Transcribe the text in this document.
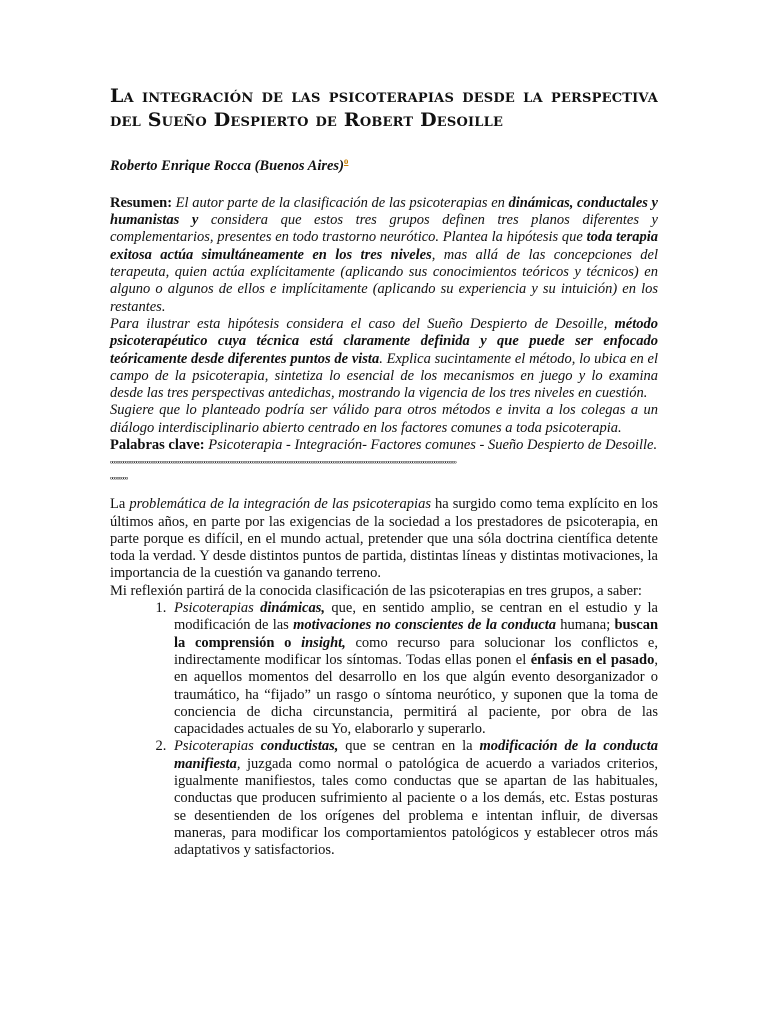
La integración de las psicoterapias desde la perspectiva del Sueño Despierto de Robert Desoille
Roberto Enrique Rocca (Buenos Aires)$^o$

Resumen: El autor parte de la clasificación de las psicoterapias en dinámicas, conductales y humanistas y considera que estos tres grupos definen tres planos diferentes y complementarios, presentes en todo trastorno neurótico. Plantea la hipótesis que toda terapia exitosa actúa simultáneamente en los tres niveles, mas allá de las concepciones del terapeuta, quien actúa explícitamente (aplicando sus conocimientos teóricos y técnicos) en alguno o algunos de ellos e implícitamente (aplicando su experiencia y su intuición) en los restantes.

Para ilustrar esta hipótesis considera el caso del Sueño Despierto de Desoille, método psicoterapéutico cuya técnica está claramente definida y que puede ser enfocado teóricamente desde diferentes puntos de vista. Explica sucintamente el método, lo ubica en el campo de la psicoterapia, sintetiza lo esencial de los mecanismos en juego y lo examina desde las tres perspectivas antedichas, mostrando la vigencia de los tres niveles en cuestión.

Sugiere que lo planteado podría ser válido para otros métodos e invita a los colegas a un diálogo interdisciplinario abierto centrado en los factores comunes a toda psicoterapia.

Palabras clave: Psicoterapia - Integración- Factores comunes - Sueño Despierto de Desoille.

ºººººººººººººººººººººººººººººººººººººººººººººººººººººººººººººººººººººººººººººººººººººººººººººººººººººººººººººººººººººººººººººººººººººººººººººººººººººººººººººº
ºººººººº

La problemática de la integración de las psicoterapias ha surgido como tema explícito en los últimos años, en parte por las exigencias de la sociedad a los prestadores de psicoterapia, en parte porque es difícil, en el mundo actual, pretender que una sóla doctrina científica detente toda la verdad. Y desde distintos puntos de partida, distintas líneas y distintas motivaciones, la importancia de la cuestión va ganando terreno.

Mi reflexión partirá de la conocida clasificación de las psicoterapias en tres grupos, a saber:

1. Psicoterapias dinámicas, que, en sentido amplio, se centran en el estudio y la modificación de las motivaciones no conscientes de la conducta humana; buscan la comprensión o insight, como recurso para solucionar los conflictos e, indirectamente modificar los síntomas. Todas ellas ponen el énfasis en el pasado, en aquellos momentos del desarrollo en los que algún evento desorganizador o traumático, ha “fijado” un rasgo o síntoma neurótico, y suponen que la toma de conciencia de dicha circunstancia, permitirá al paciente, por obra de las capacidades actuales de su Yo, elaborarlo y superarlo.
2. Psicoterapias conductistas, que se centran en la modificación de la conducta manifiesta, juzgada como normal o patológica de acuerdo a variados criterios, igualmente manifiestos, tales como conductas que se apartan de las habituales, conductas que producen sufrimiento al paciente o a los demás, etc. Estas posturas se desentienden de los orígenes del problema e intentan influir, de diversas maneras, para modificar los comportamientos patológicos y establecer otros más adaptativos y satisfactorios.
